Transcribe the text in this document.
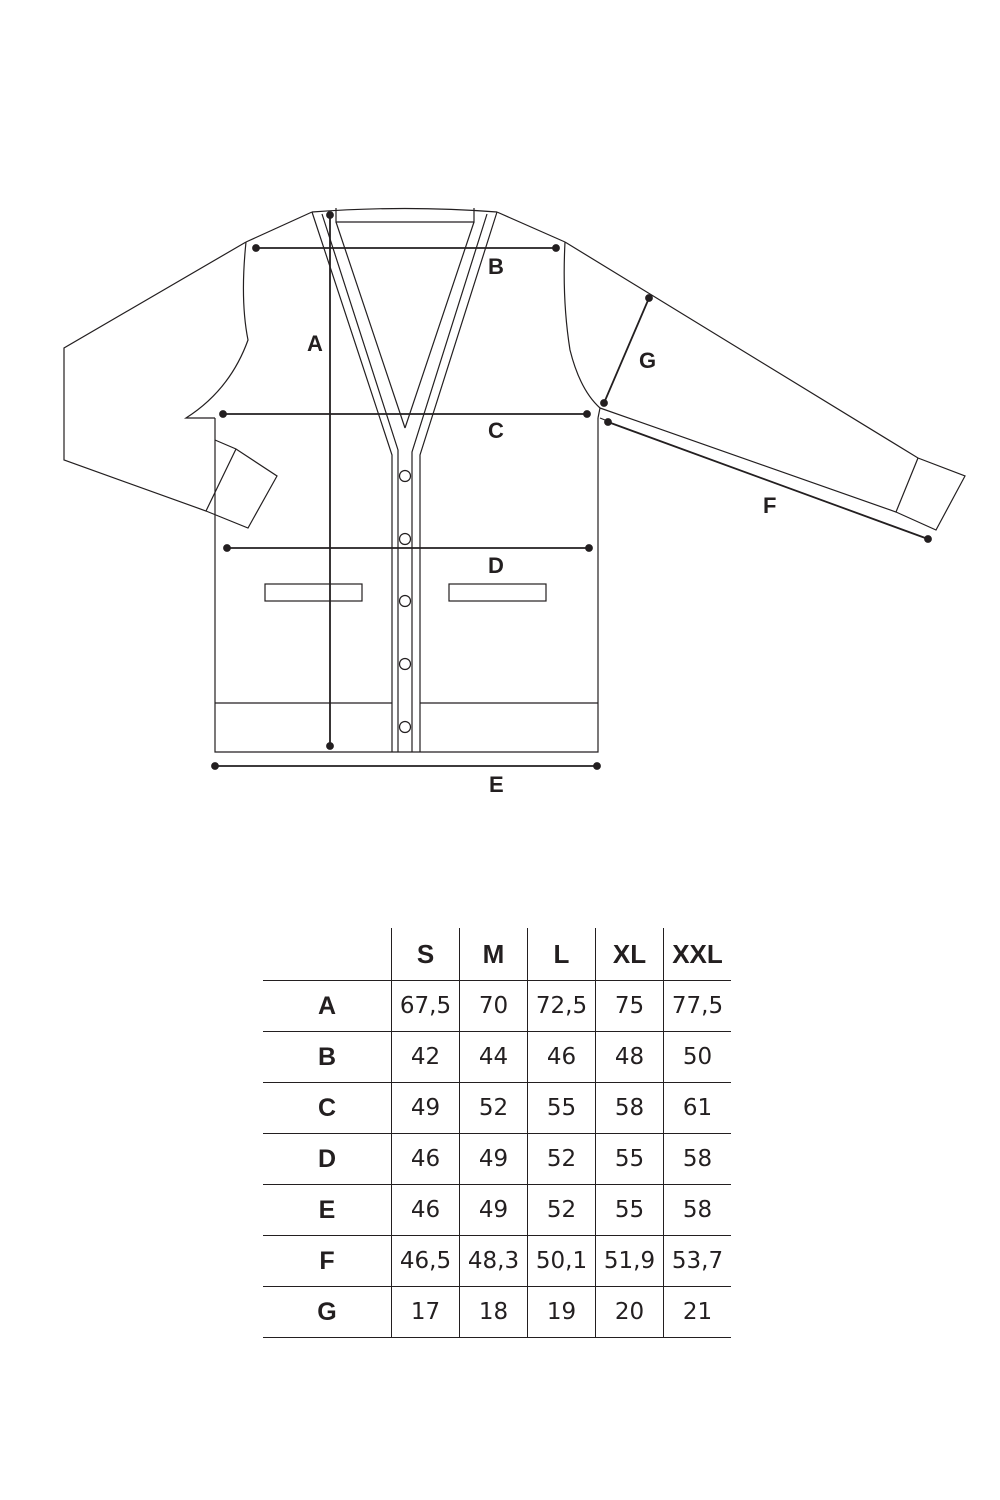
A
B
C
D
E
F
G
	S	M	L	XL	XXL
A	67,5	70	72,5	75	77,5
B	42	44	46	48	50
C	49	52	55	58	61
D	46	49	52	55	58
E	46	49	52	55	58
F	46,5	48,3	50,1	51,9	53,7
G	17	18	19	20	21
